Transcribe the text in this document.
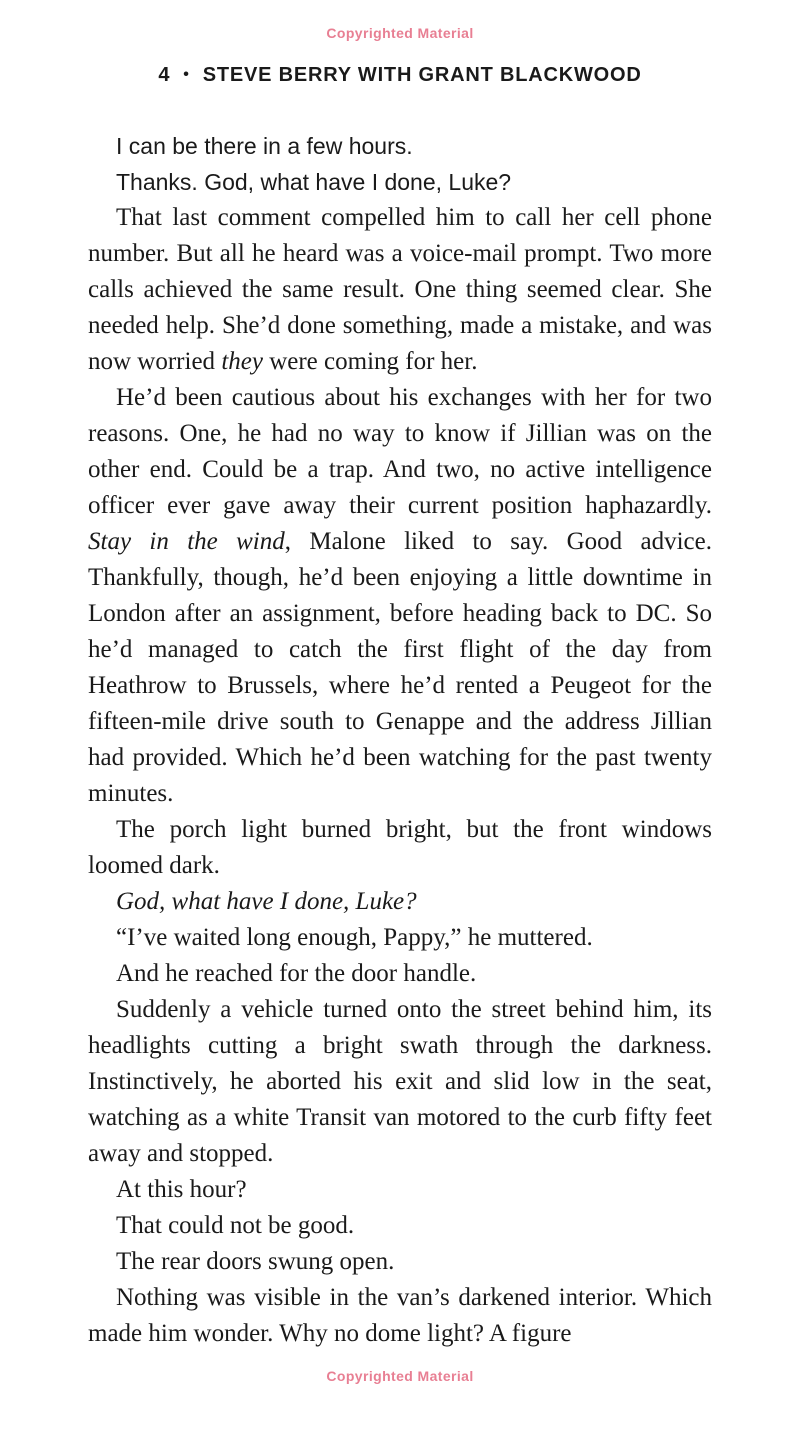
Copyrighted Material
4 • STEVE BERRY WITH GRANT BLACKWOOD

I can be there in a few hours.

Thanks. God, what have I done, Luke?

That last comment compelled him to call her cell phone number. But all he heard was a voice-mail prompt. Two more calls achieved the same result. One thing seemed clear. She needed help. She’d done something, made a mistake, and was now worried they were coming for her.

He’d been cautious about his exchanges with her for two reasons. One, he had no way to know if Jillian was on the other end. Could be a trap. And two, no active intelligence officer ever gave away their current position haphazardly. Stay in the wind, Malone liked to say. Good advice. Thankfully, though, he’d been enjoying a little downtime in London after an assignment, before heading back to DC. So he’d managed to catch the first flight of the day from Heathrow to Brussels, where he’d rented a Peugeot for the fifteen-mile drive south to Genappe and the address Jillian had provided. Which he’d been watching for the past twenty minutes.

The porch light burned bright, but the front windows loomed dark.

God, what have I done, Luke?

“I’ve waited long enough, Pappy,” he muttered.

And he reached for the door handle.

Suddenly a vehicle turned onto the street behind him, its headlights cutting a bright swath through the darkness. Instinctively, he aborted his exit and slid low in the seat, watching as a white Transit van motored to the curb fifty feet away and stopped.

At this hour?

That could not be good.

The rear doors swung open.

Nothing was visible in the van’s darkened interior. Which made him wonder. Why no dome light? A figure

Copyrighted Material
